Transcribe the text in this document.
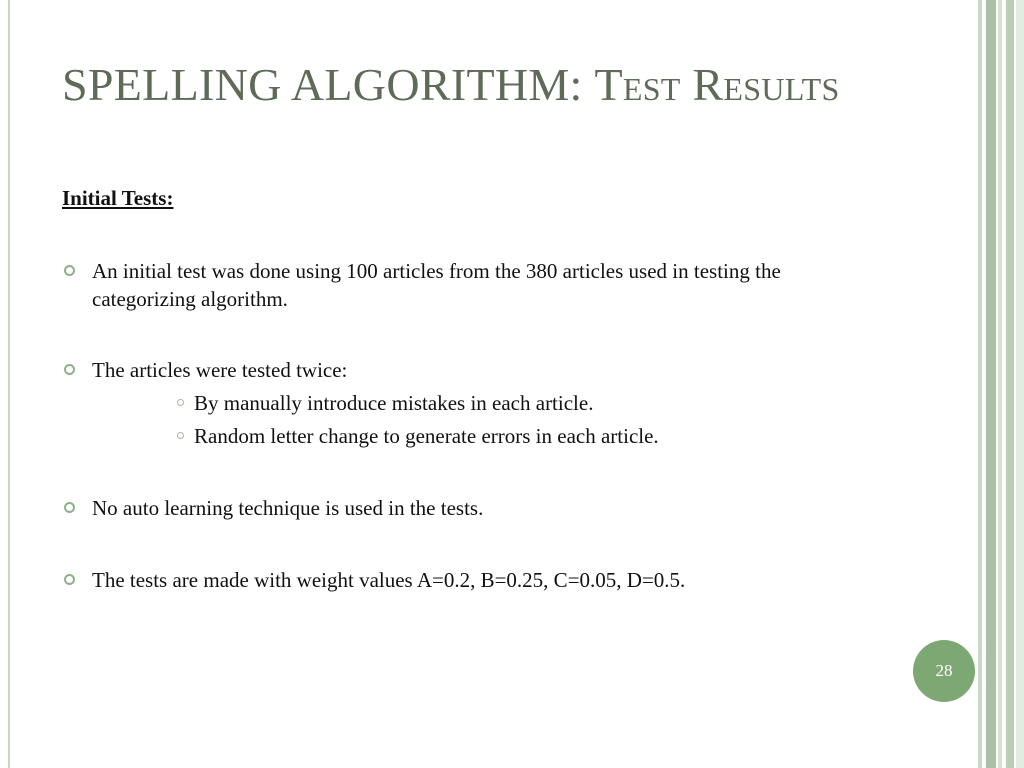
SPELLING ALGORITHM: Test Results
Initial Tests:
An initial test was done using 100 articles from the 380 articles used in testing the categorizing algorithm.
The articles were tested twice:
By manually introduce mistakes in each article.
Random letter change to generate errors in each article.
No auto learning technique is used in the tests.
The tests are made with weight values A=0.2, B=0.25, C=0.05, D=0.5.
28
